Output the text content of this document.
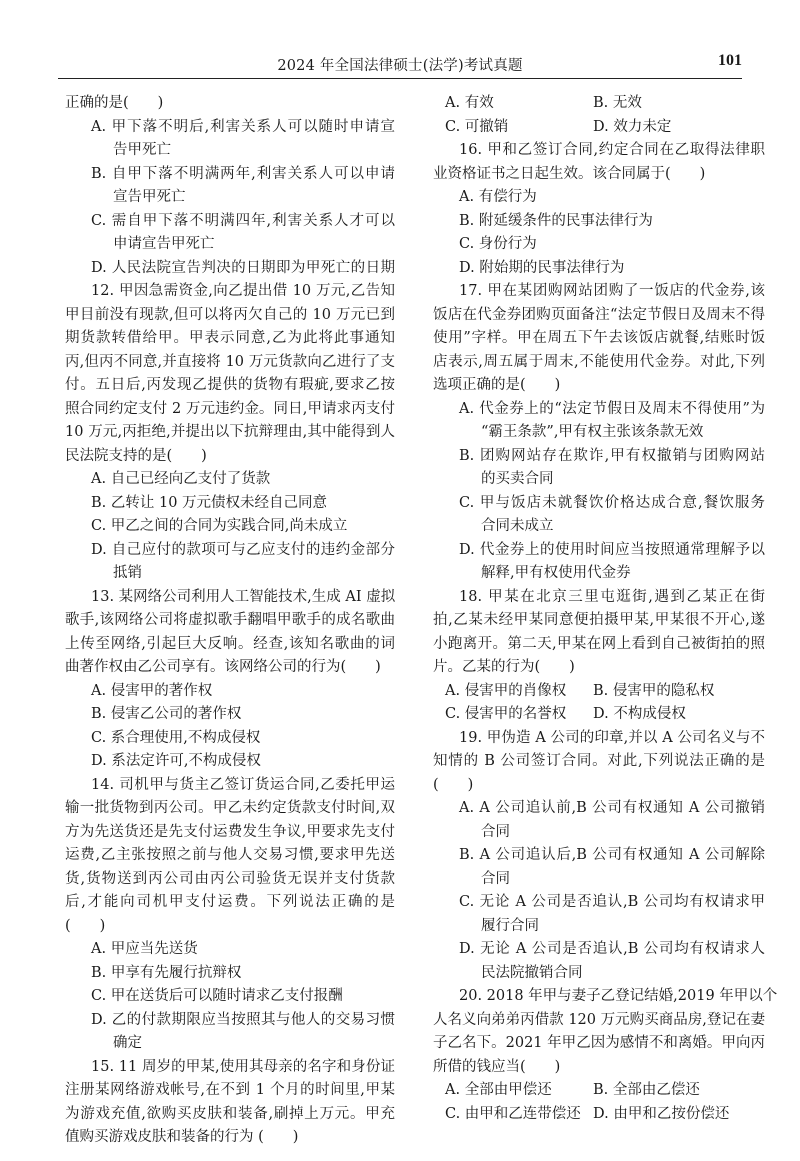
2024 年全国法律硕士(法学)考试真题	101
正确的是(　　)
A. 甲下落不明后,利害关系人可以随时申请宣
告甲死亡
B. 自甲下落不明满两年,利害关系人可以申请
宣告甲死亡
C. 需自甲下落不明满四年,利害关系人才可以
申请宣告甲死亡
D. 人民法院宣告判决的日期即为甲死亡的日期
12. 甲因急需资金,向乙提出借 10 万元,乙告知
甲目前没有现款,但可以将丙欠自己的 10 万元已到
期货款转借给甲。甲表示同意,乙为此将此事通知
丙,但丙不同意,并直接将 10 万元货款向乙进行了支
付。五日后,丙发现乙提供的货物有瑕疵,要求乙按
照合同约定支付 2 万元违约金。同日,甲请求丙支付
10 万元,丙拒绝,并提出以下抗辩理由,其中能得到人
民法院支持的是(　　)
A. 自己已经向乙支付了货款
B. 乙转让 10 万元债权未经自己同意
C. 甲乙之间的合同为实践合同,尚未成立
D. 自己应付的款项可与乙应支付的违约金部分
抵销
13. 某网络公司利用人工智能技术,生成 AI 虚拟
歌手,该网络公司将虚拟歌手翻唱甲歌手的成名歌曲
上传至网络,引起巨大反响。经查,该知名歌曲的词
曲著作权由乙公司享有。该网络公司的行为(　　)
A. 侵害甲的著作权
B. 侵害乙公司的著作权
C. 系合理使用,不构成侵权
D. 系法定许可,不构成侵权
14. 司机甲与货主乙签订货运合同,乙委托甲运
输一批货物到丙公司。甲乙未约定货款支付时间,双
方为先送货还是先支付运费发生争议,甲要求先支付
运费,乙主张按照之前与他人交易习惯,要求甲先送
货,货物送到丙公司由丙公司验货无误并支付货款
后,才能向司机甲支付运费。下列说法正确的是
(　　)
A. 甲应当先送货
B. 甲享有先履行抗辩权
C. 甲在送货后可以随时请求乙支付报酬
D. 乙的付款期限应当按照其与他人的交易习惯
确定
15. 11 周岁的甲某,使用其母亲的名字和身份证
注册某网络游戏帐号,在不到 1 个月的时间里,甲某
为游戏充值,欲购买皮肤和装备,刷掉上万元。甲充
值购买游戏皮肤和装备的行为 (　　)
A. 有效	B. 无效
C. 可撤销	D. 效力未定
16. 甲和乙签订合同,约定合同在乙取得法律职
业资格证书之日起生效。该合同属于(　　)
A. 有偿行为
B. 附延缓条件的民事法律行为
C. 身份行为
D. 附始期的民事法律行为
17. 甲在某团购网站团购了一饭店的代金券,该
饭店在代金券团购页面备注“法定节假日及周末不得
使用”字样。甲在周五下午去该饭店就餐,结账时饭
店表示,周五属于周末,不能使用代金券。对此,下列
选项正确的是(　　)
A. 代金券上的“法定节假日及周末不得使用”为
“霸王条款”,甲有权主张该条款无效
B. 团购网站存在欺诈,甲有权撤销与团购网站
的买卖合同
C. 甲与饭店未就餐饮价格达成合意,餐饮服务
合同未成立
D. 代金券上的使用时间应当按照通常理解予以
解释,甲有权使用代金券
18. 甲某在北京三里屯逛街,遇到乙某正在街
拍,乙某未经甲某同意便拍摄甲某,甲某很不开心,遂
小跑离开。第二天,甲某在网上看到自己被街拍的照
片。乙某的行为(　　)
A. 侵害甲的肖像权	B. 侵害甲的隐私权
C. 侵害甲的名誉权	D. 不构成侵权
19. 甲伪造 A 公司的印章,并以 A 公司名义与不
知情的 B 公司签订合同。对此,下列说法正确的是
(　　)
A. A 公司追认前,B 公司有权通知 A 公司撤销
合同
B. A 公司追认后,B 公司有权通知 A 公司解除
合同
C. 无论 A 公司是否追认,B 公司均有权请求甲
履行合同
D. 无论 A 公司是否追认,B 公司均有权请求人
民法院撤销合同
20. 2018 年甲与妻子乙登记结婚,2019 年甲以个
人名义向弟弟丙借款 120 万元购买商品房,登记在妻
子乙名下。2021 年甲乙因为感情不和离婚。甲向丙
所借的钱应当(　　)
A. 全部由甲偿还	B. 全部由乙偿还
C. 由甲和乙连带偿还 D. 由甲和乙按份偿还
